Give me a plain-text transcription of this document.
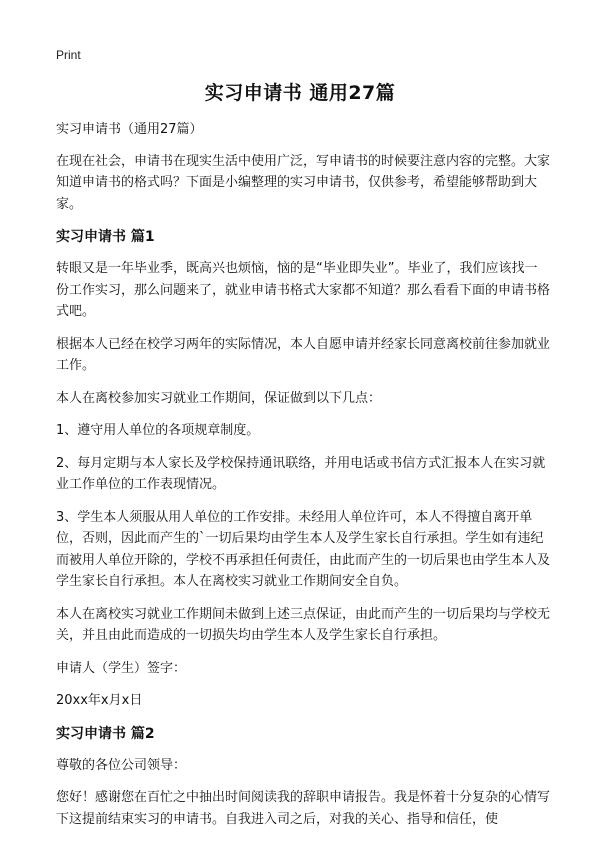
Print
实习申请书 通用27篇

实习申请书（通用27篇）

在现在社会，申请书在现实生活中使用广泛，写申请书的时候要注意内容的完整。大家知道申请书的格式吗？下面是小编整理的实习申请书，仅供参考，希望能够帮助到大家。

实习申请书 篇1

转眼又是一年毕业季，既高兴也烦恼，恼的是“毕业即失业”。毕业了，我们应该找一份工作实习，那么问题来了，就业申请书格式大家都不知道？那么看看下面的申请书格式吧。

根据本人已经在校学习两年的实际情况，本人自愿申请并经家长同意离校前往参加就业工作。

本人在离校参加实习就业工作期间，保证做到以下几点：

1、遵守用人单位的各项规章制度。

2、每月定期与本人家长及学校保持通讯联络，并用电话或书信方式汇报本人在实习就业工作单位的工作表现情况。

3、学生本人须服从用人单位的工作安排。未经用人单位许可，本人不得擅自离开单位，否则，因此而产生的`一切后果均由学生本人及学生家长自行承担。学生如有违纪而被用人单位开除的，学校不再承担任何责任，由此而产生的一切后果也由学生本人及学生家长自行承担。本人在离校实习就业工作期间安全自负。

本人在离校实习就业工作期间未做到上述三点保证，由此而产生的一切后果均与学校无关，并且由此而造成的一切损失均由学生本人及学生家长自行承担。

申请人（学生）签字：

20xx年x月x日

实习申请书 篇2

尊敬的各位公司领导：

您好！感谢您在百忙之中抽出时间阅读我的辞职申请报告。我是怀着十分复杂的心情写下这提前结束实习的申请书。自我进入司之后，对我的关心、指导和信任，使
